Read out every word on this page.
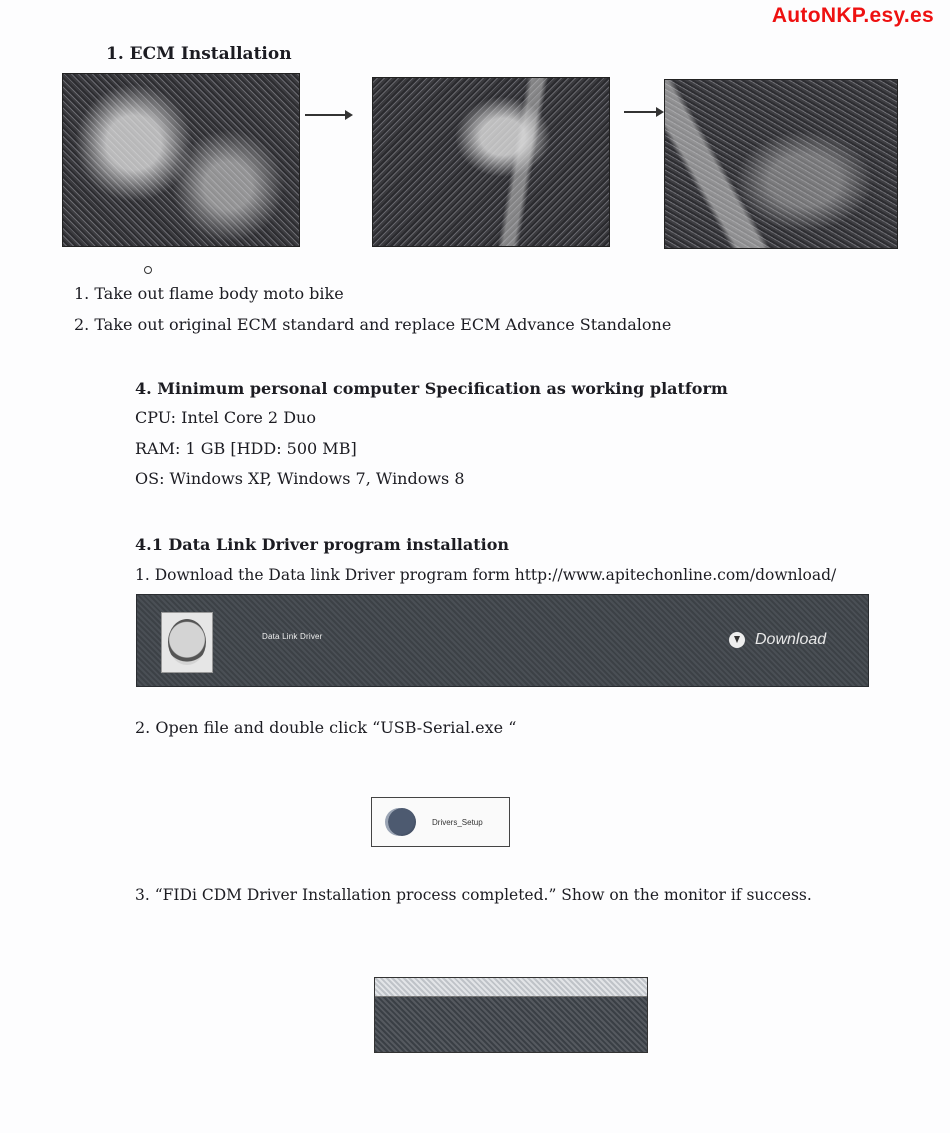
AutoNKP.esy.es
1. ECM Installation
1. Take out flame body moto bike
2. Take out original ECM standard and replace ECM Advance Standalone
4. Minimum personal computer Specification as working platform
CPU: Intel Core 2 Duo
RAM: 1 GB [HDD: 500 MB]
OS: Windows XP, Windows 7, Windows 8
4.1 Data Link Driver program installation
1. Download the Data link Driver program form http://www.apitechonline.com/download/
Data Link Driver	Download
2. Open file and double click “USB-Serial.exe “
Drivers_Setup
3. “FIDi CDM Driver Installation process completed.” Show on the monitor if success.
